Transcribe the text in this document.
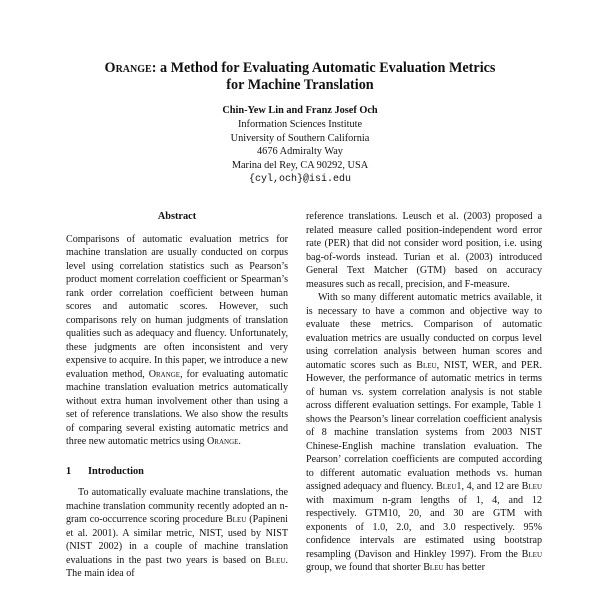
Orange: a Method for Evaluating Automatic Evaluation Metrics
for Machine Translation
Chin-Yew Lin and Franz Josef Och
Information Sciences Institute
University of Southern California
4676 Admiralty Way
Marina del Rey, CA 90292, USA
{cyl,och}@isi.edu
Abstract

Comparisons of automatic evaluation metrics for machine translation are usually conducted on corpus level using correlation statistics such as Pearson’s product moment correlation coefficient or Spearman’s rank order correlation coefficient between human scores and automatic scores. However, such comparisons rely on human judgments of translation qualities such as adequacy and fluency. Unfortunately, these judgments are often inconsistent and very expensive to acquire. In this paper, we introduce a new evaluation method, Orange, for evaluating automatic machine translation evaluation metrics automatically without extra human involvement other than using a set of reference translations. We also show the results of comparing several existing automatic metrics and three new automatic metrics using Orange.

1 Introduction

To automatically evaluate machine translations, the machine translation community recently adopted an n-gram co-occurrence scoring procedure Bleu (Papineni et al. 2001). A similar metric, NIST, used by NIST (NIST 2002) in a couple of machine translation evaluations in the past two years is based on Bleu. The main idea of

reference translations. Leusch et al. (2003) proposed a related measure called position-independent word error rate (PER) that did not consider word position, i.e. using bag-of-words instead. Turian et al. (2003) introduced General Text Matcher (GTM) based on accuracy measures such as recall, precision, and F-measure.

With so many different automatic metrics available, it is necessary to have a common and objective way to evaluate these metrics. Comparison of automatic evaluation metrics are usually conducted on corpus level using correlation analysis between human scores and automatic scores such as Bleu, NIST, WER, and PER. However, the performance of automatic metrics in terms of human vs. system correlation analysis is not stable across different evaluation settings. For example, Table 1 shows the Pearson’s linear correlation coefficient analysis of 8 machine translation systems from 2003 NIST Chinese-English machine translation evaluation. The Pearson’ correlation coefficients are computed according to different automatic evaluation methods vs. human assigned adequacy and fluency. Bleu1, 4, and 12 are Bleu with maximum n-gram lengths of 1, 4, and 12 respectively. GTM10, 20, and 30 are GTM with exponents of 1.0, 2.0, and 3.0 respectively. 95% confidence intervals are estimated using bootstrap resampling (Davison and Hinkley 1997). From the Bleu group, we found that shorter Bleu has better
